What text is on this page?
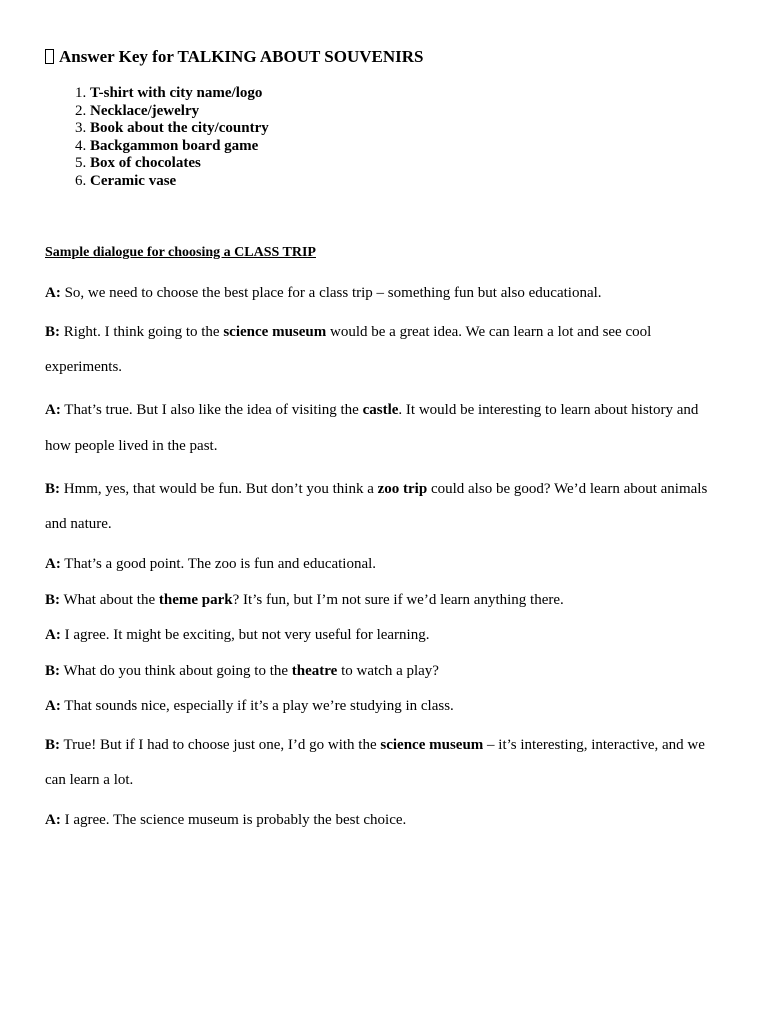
Answer Key for TALKING ABOUT SOUVENIRS
1. T-shirt with city name/logo
2. Necklace/jewelry
3. Book about the city/country
4. Backgammon board game
5. Box of chocolates
6. Ceramic vase
Sample dialogue for choosing a CLASS TRIP

A: So, we need to choose the best place for a class trip – something fun but also educational.

B: Right. I think going to the science museum would be a great idea. We can learn a lot and see cool experiments.

A: That’s true. But I also like the idea of visiting the castle. It would be interesting to learn about history and how people lived in the past.

B: Hmm, yes, that would be fun. But don’t you think a zoo trip could also be good? We’d learn about animals and nature.

A: That’s a good point. The zoo is fun and educational.

B: What about the theme park? It’s fun, but I’m not sure if we’d learn anything there.

A: I agree. It might be exciting, but not very useful for learning.

B: What do you think about going to the theatre to watch a play?

A: That sounds nice, especially if it’s a play we’re studying in class.

B: True! But if I had to choose just one, I’d go with the science museum – it’s interesting, interactive, and we can learn a lot.

A: I agree. The science museum is probably the best choice.
